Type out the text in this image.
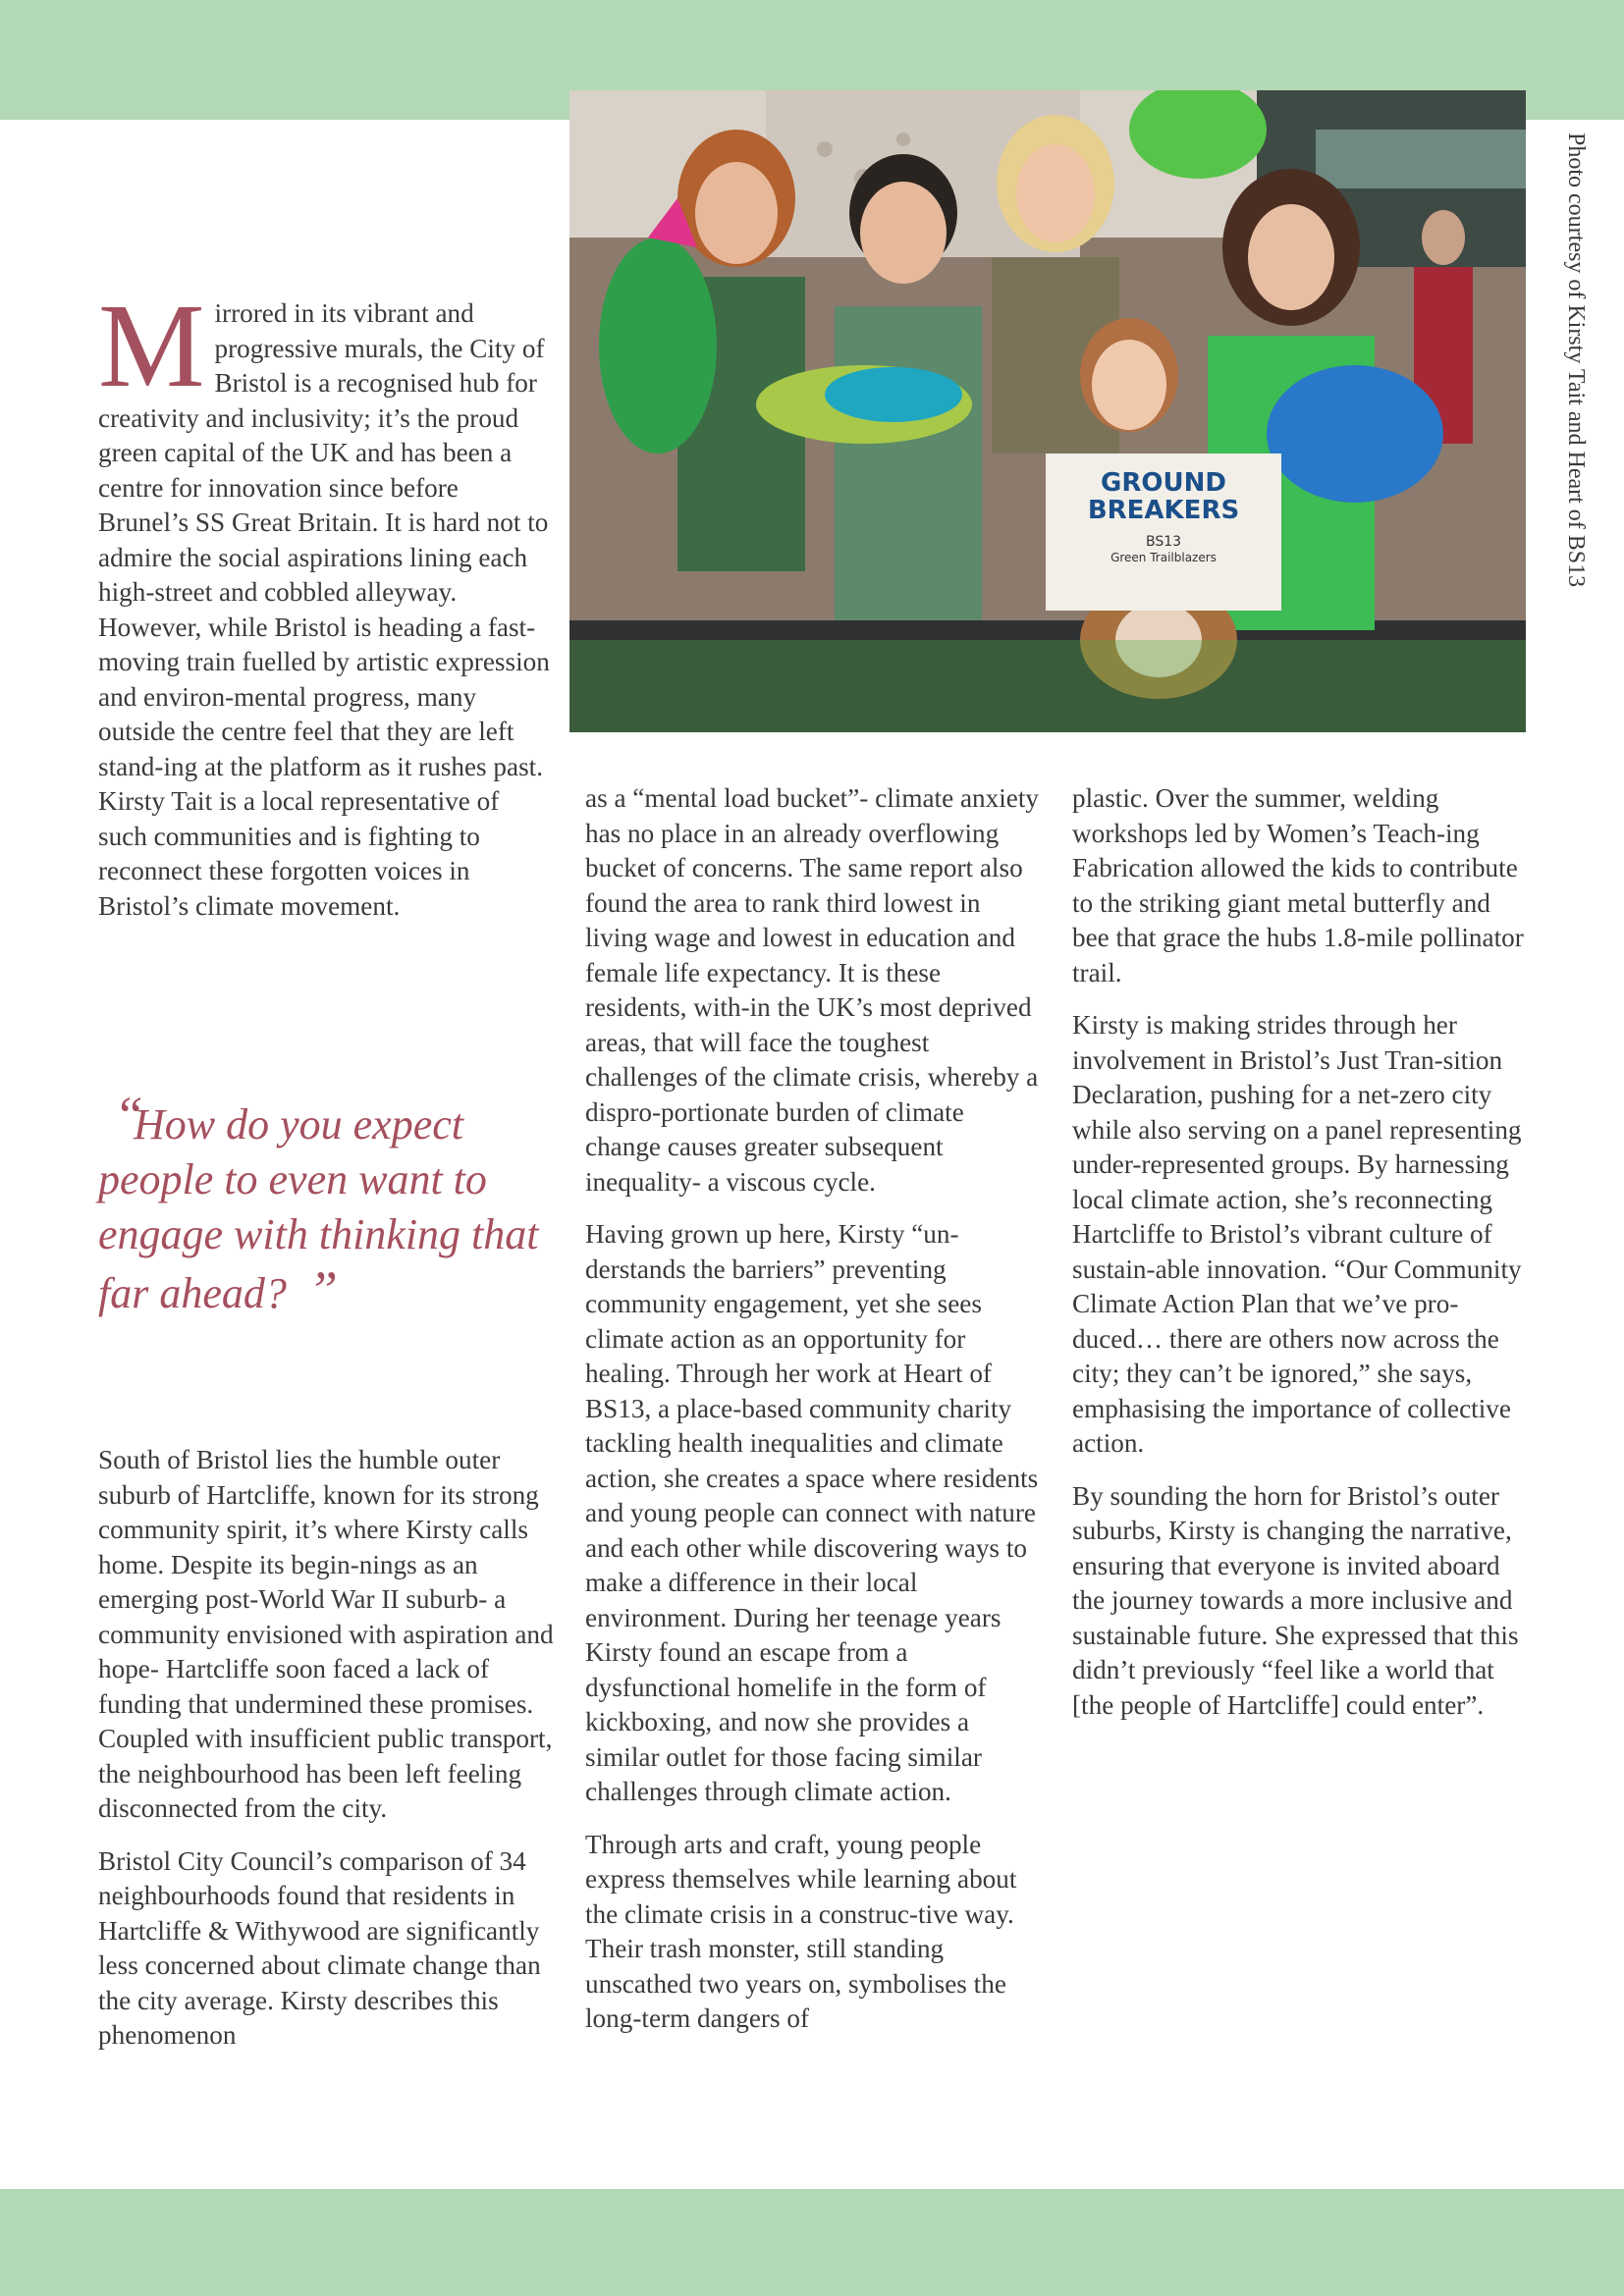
GROUND
BREAKERS
BS13
Green Trailblazers	Photo courtesy of Kirsty Tait and Heart of BS13

Mirrored in its vibrant and progressive murals, the City of Bristol is a recognised hub for creativity and inclusivity; it’s the proud green capital of the UK and has been a centre for innovation since before Brunel’s SS Great Britain. It is hard not to admire the social aspirations lining each high-street and cobbled alleyway. However, while Bristol is heading a fast-moving train fuelled by artistic expression and environ-mental progress, many outside the centre feel that they are left stand-ing at the platform as it rushes past. Kirsty Tait is a local representative of such communities and is fighting to reconnect these forgotten voices in Bristol’s climate movement.

“
How do you expect people to even want to engage with thinking that far ahead? ”

South of Bristol lies the humble outer suburb of Hartcliffe, known for its strong community spirit, it’s where Kirsty calls home. Despite its begin-nings as an emerging post-World War II suburb- a community envisioned with aspiration and hope- Hartcliffe soon faced a lack of funding that undermined these promises. Coupled with insufficient public transport, the neighbourhood has been left feeling disconnected from the city.

Bristol City Council’s comparison of 34 neighbourhoods found that residents in Hartcliffe & Withywood are significantly less concerned about climate change than the city average. Kirsty describes this phenomenon

as a “mental load bucket”- climate anxiety has no place in an already overflowing bucket of concerns. The same report also found the area to rank third lowest in living wage and lowest in education and female life expectancy. It is these residents, with-in the UK’s most deprived areas, that will face the toughest challenges of the climate crisis, whereby a dispro-portionate burden of climate change causes greater subsequent inequality- a viscous cycle.

Having grown up here, Kirsty “un-derstands the barriers” preventing community engagement, yet she sees climate action as an opportunity for healing. Through her work at Heart of BS13, a place-based community charity tackling health inequalities and climate action, she creates a space where residents and young people can connect with nature and each other while discovering ways to make a difference in their local environment. During her teenage years Kirsty found an escape from a dysfunctional homelife in the form of kickboxing, and now she provides a similar outlet for those facing similar challenges through climate action.

Through arts and craft, young people express themselves while learning about the climate crisis in a construc-tive way. Their trash monster, still standing unscathed two years on, symbolises the long-term dangers of

plastic. Over the summer, welding workshops led by Women’s Teach-ing Fabrication allowed the kids to contribute to the striking giant metal butterfly and bee that grace the hubs 1.8-mile pollinator trail.

Kirsty is making strides through her involvement in Bristol’s Just Tran-sition Declaration, pushing for a net-zero city while also serving on a panel representing under-represented groups. By harnessing local climate action, she’s reconnecting Hartcliffe to Bristol’s vibrant culture of sustain-able innovation. “Our Community Climate Action Plan that we’ve pro-duced… there are others now across the city; they can’t be ignored,” she says, emphasising the importance of collective action.

By sounding the horn for Bristol’s outer suburbs, Kirsty is changing the narrative, ensuring that everyone is invited aboard the journey towards a more inclusive and sustainable future. She expressed that this didn’t previously “feel like a world that [the people of Hartcliffe] could enter”.
